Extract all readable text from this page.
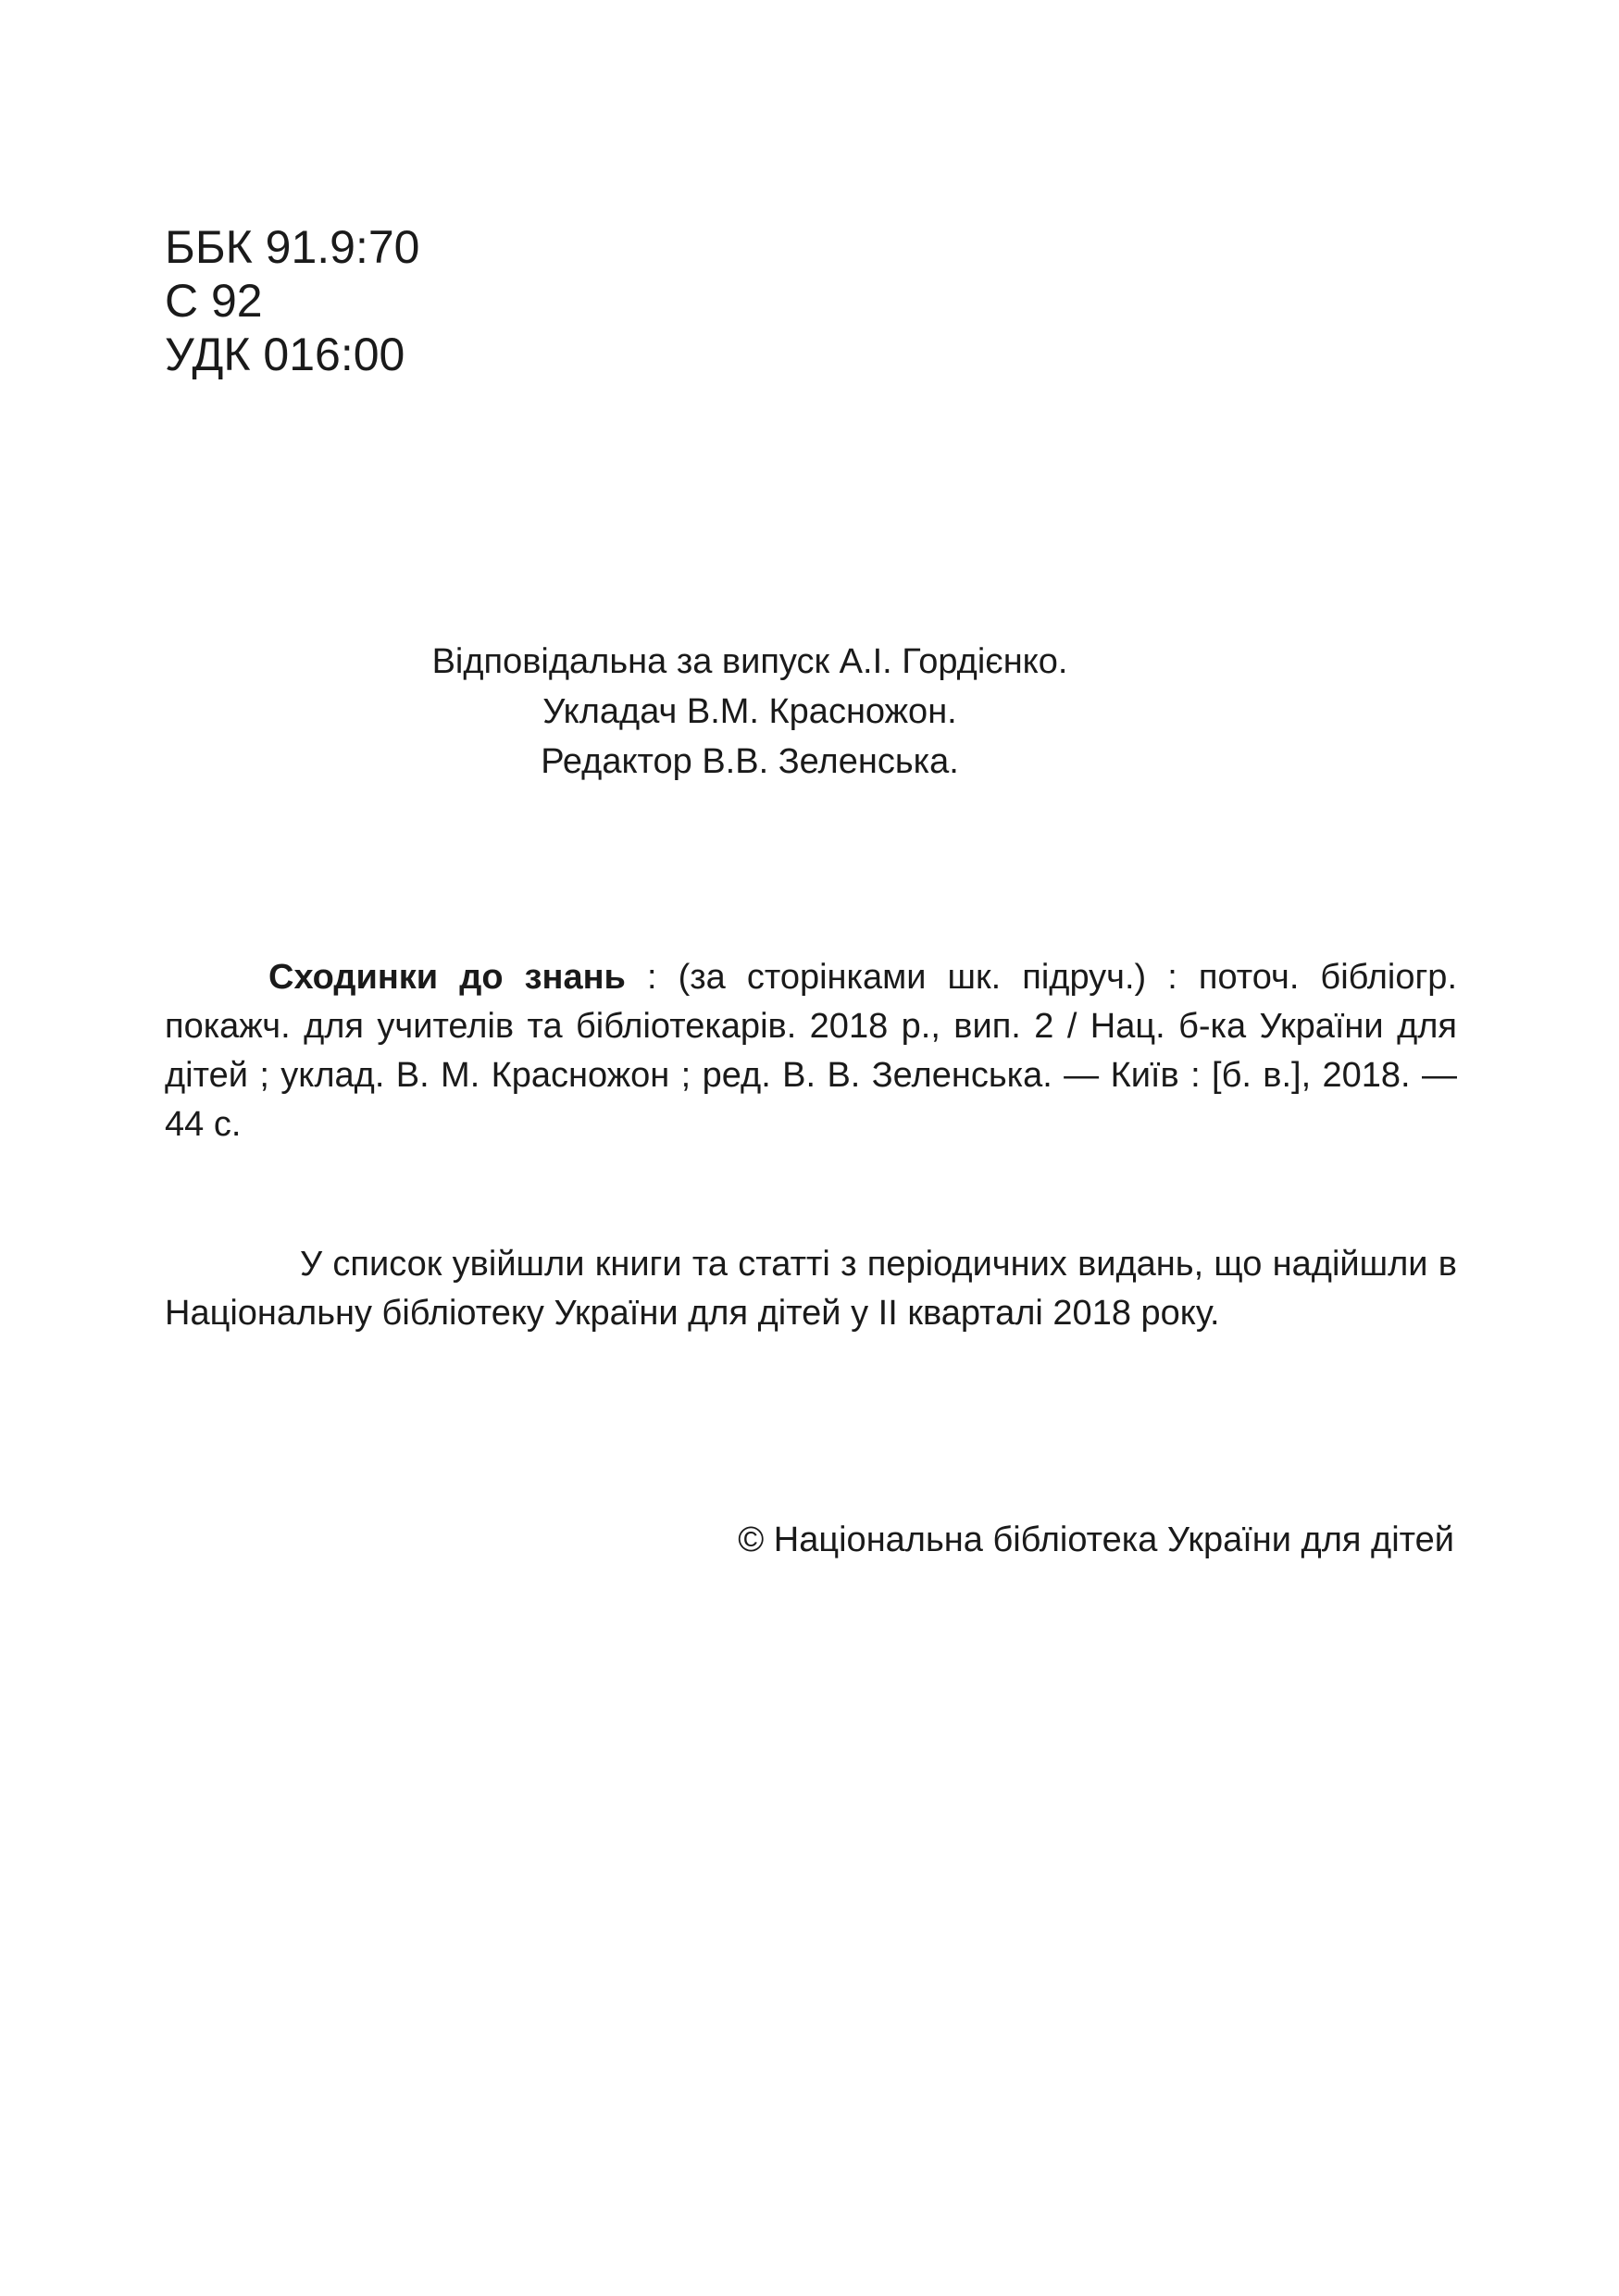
ББК 91.9:70
С 92
УДК 016:00
Відповідальна за випуск А.І. Гордієнко.
Укладач В.М. Красножон.
Редактор В.В. Зеленська.
Сходинки до знань : (за сторінками шк. підруч.) : поточ. бібліогр. покажч. для учителів та бібліотекарів. 2018 р., вип. 2 / Нац. б-ка України для дітей ; уклад. В. М. Красножон ; ред. В. В. Зеленська. — Київ : [б. в.], 2018. — 44 с.
У список увійшли книги та статті з періодичних видань, що надійшли в Національну бібліотеку України для дітей у ІІ кварталі 2018 року.
© Національна бібліотека України для дітей
